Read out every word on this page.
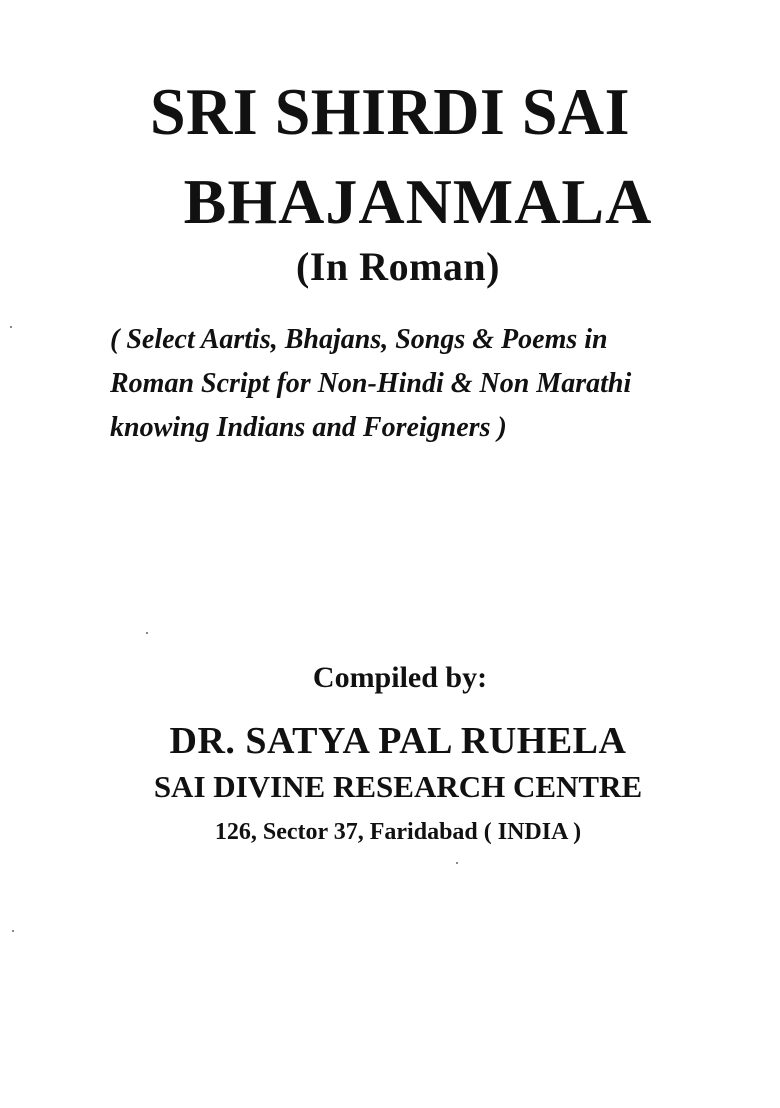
SRI SHIRDI SAI
BHAJANMALA
(In Roman)
( Select Aartis, Bhajans, Songs & Poems in
Roman Script for Non-Hindi & Non Marathi
knowing Indians and Foreigners )
Compiled by:
DR. SATYA PAL RUHELA
SAI DIVINE RESEARCH CENTRE
126, Sector 37, Faridabad ( INDIA )
